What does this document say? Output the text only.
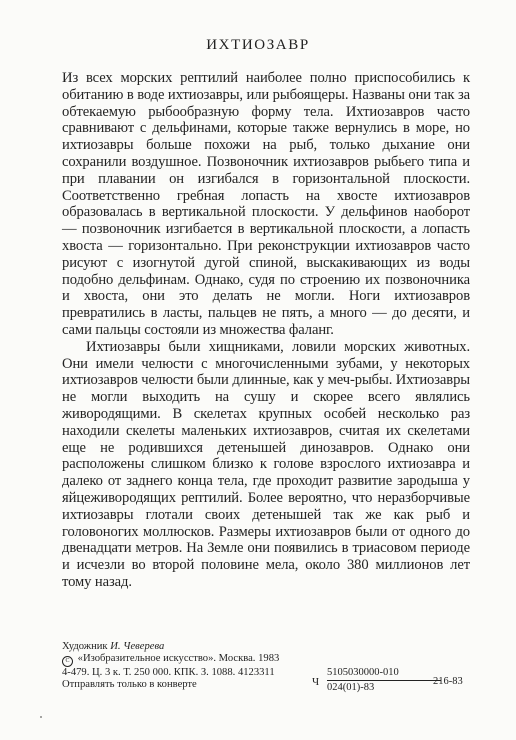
ИХТИОЗАВР

Из всех морских рептилий наиболее полно приспособились к обитанию в воде ихтиозавры, или рыбоящеры. Названы они так за обтекаемую рыбообразную форму тела. Ихтиозавров часто сравнивают с дельфинами, которые также вернулись в море, но ихтиозавры больше похожи на рыб, только дыхание они сохранили воздушное. Позвоночник ихтиозавров рыбьего типа и при плавании он изгибался в горизонтальной плоскости. Соответственно гребная лопасть на хвосте ихтиозавров образовалась в вертикальной плоскости. У дельфинов наоборот — позвоночник изгибается в вертикальной плоскости, а лопасть хвоста — горизонтально. При реконструкции ихтиозавров часто рисуют с изогнутой дугой спиной, выскакивающих из воды подобно дельфинам. Однако, судя по строению их позвоночника и хвоста, они это делать не могли. Ноги ихтиозавров превратились в ласты, пальцев не пять, а много — до десяти, и сами пальцы состояли из множества фаланг.

Ихтиозавры были хищниками, ловили морских животных. Они имели челюсти с многочисленными зубами, у некоторых ихтиозавров челюсти были длинные, как у меч-рыбы. Ихтиозавры не могли выходить на сушу и скорее всего являлись живородящими. В скелетах крупных особей несколько раз находили скелеты маленьких ихтиозавров, считая их скелетами еще не родившихся детенышей динозавров. Однако они расположены слишком близко к голове взрослого ихтиозавра и далеко от заднего конца тела, где проходит развитие зародыша у яйцеживородящих рептилий. Более вероятно, что неразборчивые ихтиозавры глотали своих детенышей так же как рыб и головоногих моллюсков. Размеры ихтиозавров были от одного до двенадцати метров. На Земле они появились в триасовом периоде и исчезли во второй половине мела, около 380 миллионов лет тому назад.

Художник И. Чеверева
С «Изобразительное искусство». Москва. 1983
4-479. Ц. 3 к. Т. 250 000. КПК. З. 1088. 4123311
Отправлять только в конверте	Ч $\frac{5105030000-010}{024(01)-83}$
216-83
